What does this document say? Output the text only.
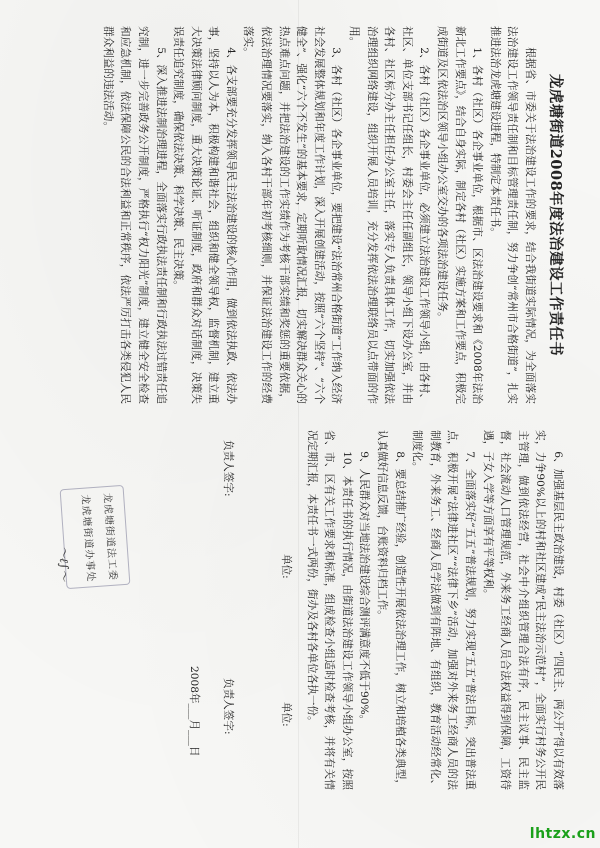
龙虎塘街道2008年度法治建设工作责任书

根据省、市委关于法治建设工作的要求，结合我街道实际情况，为全面落实法治建设工作领导责任制和目标管理责任制，努力争创“常州市合格街道”，扎实推进法治龙虎塘建设进程，特制定本责任书。

1、各村（社区）各企事业单位，根据市、区法治建设要求和《2008年法治新北工作要点》，结合自身实际，制定各村（社区）实施方案和工作要点，积极完成街道及区依法治区领导小组办公室交办的各项法治建设任务。

2、各村（社区）各企事业单位，必须建立法治建设工作领导小组，由各村、社区、单位支部书记任组长，村委会主任任副组长，领导小组下设办公室，并由各村、社区标分办主任担任办公室主任，落实专人负责具体工作，切实加强依法治理组织网络建设，组织开展人员培训，充分发挥依法治理联络员以点带面的作用。

3、各村（社区）各企事业单位，要把建设“法治常州合格街道”工作纳入经济社会发展整体规划和年度工作计划，深入开展创建活动，按照“六个坚持”、“六个健全”、强化“六个不发生”的基本要求，定期听取情况汇报，切实解决群众关心的热点难点问题，并把法治建设的工作实绩作为考核干部实绩和奖惩的重要依据，依法治理情况要落实，纳入各村干部年初考核细则，并保证法治建设工作的经费落实。

4、各支部要充分发挥领导民主法治建设的核心作用，做到依法执政、依法办事，坚持以人为本，积极构建和谐社会，组织和健全领导权，监督机制，建立重大决策法律顾问制度，重大决策论证、听证制度，政府和群众对话制度，决策失误责任追究制度，确保依法决策、科学决策、民主决策。

5、深入推进法制治理进程，全面落实行政执法责任制和行政执法过错责任追究制，进一步完善政务公开制度，严格执行“权力阳光”制度，建立健全安全检查和应急机制，依法保障公民的合法利益和正常秩序，依法严厉打击各类侵犯人民群众利益的违法活动。

6、加强基层民主政治建设，村委（社区）“四民主、两公开”得以有效落实，力争90%以上的村和社区建成“民主法治示范村”，全面实行村务公开民主管理，做到依法经营，社会中介组织管理合法有序，民主议事、民主监督，社会流动人口管理规范，外来务工经商人员合法权益得到保障，工资待遇，子女入学等方面享有平等权利。

7、全面落实好“五五”普法规划，努力实现“五五”普法目标，突出普法重点，积极开展“法律进社区”“法律下乡”活动，加强对外来务工经商人员的法制教育，外来务工、经商人员学法做到有阵地、有组织，教育活动经常化、制度化。

8、要总结推广经验，创造性开展依法治理工作，树立和培植各类典型，认真做好信息反馈，台账资料归档工作。

9、人民群众对当地法治建设综合测评满意度不低于90%。

10、本责任书的执行情况，由街道法治建设工作领导小组办公室，按照省、市、区有关工作要求和标准，组成检查小组适时检查考核，并将有关情况定期汇报，本责任书一式两份，街办及各村各单位各执一份。

单位:
单位:
负责人签字:
负责人签字:
2008年___月___日
龙虎塘街道法工委
龙虎塘街道办事处
～ℓ∫～
lhtzx.cn
